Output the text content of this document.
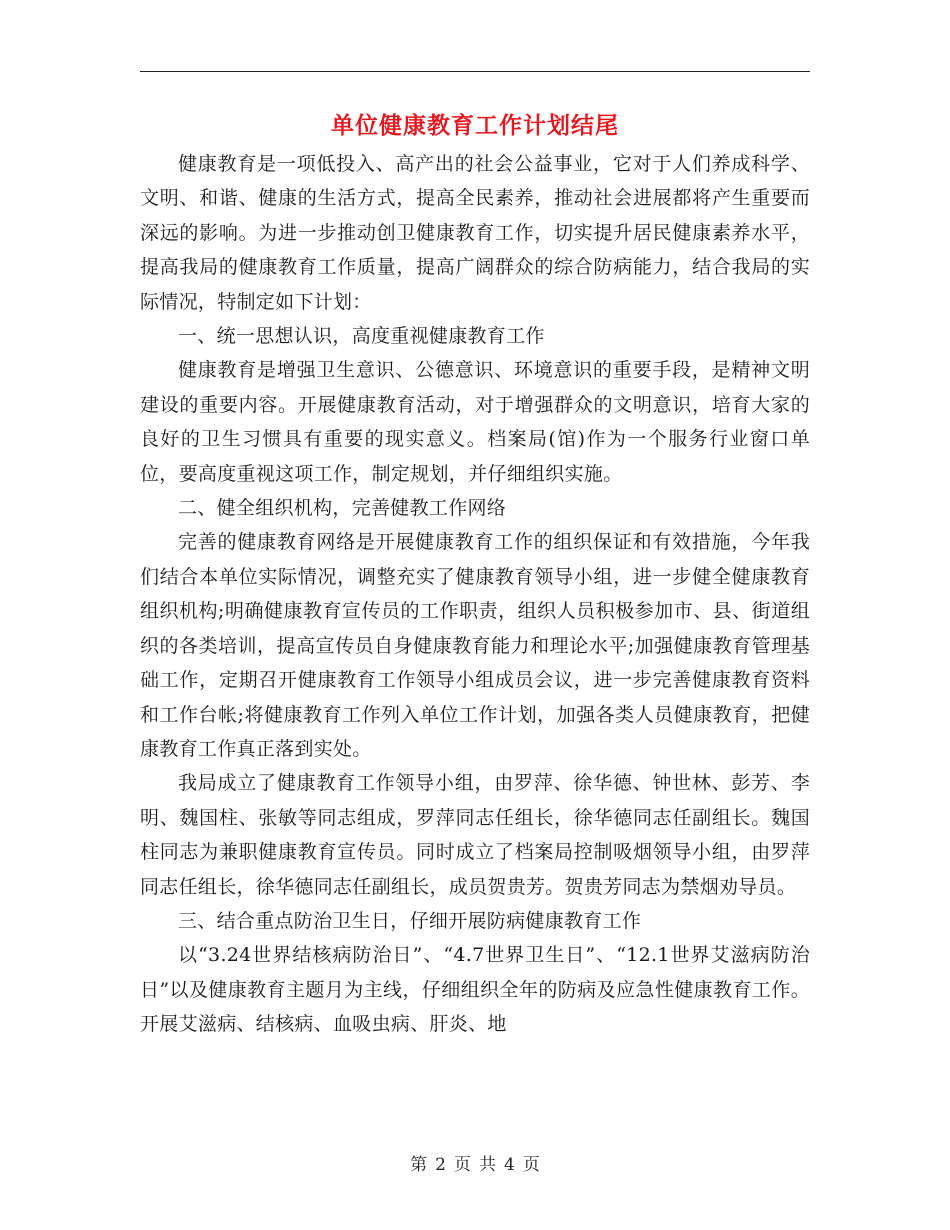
单位健康教育工作计划结尾

健康教育是一项低投入、高产出的社会公益事业，它对于人们养成科学、文明、和谐、健康的生活方式，提高全民素养，推动社会进展都将产生重要而深远的影响。为进一步推动创卫健康教育工作，切实提升居民健康素养水平，提高我局的健康教育工作质量，提高广阔群众的综合防病能力，结合我局的实际情况，特制定如下计划：

一、统一思想认识，高度重视健康教育工作

健康教育是增强卫生意识、公德意识、环境意识的重要手段，是精神文明建设的重要内容。开展健康教育活动，对于增强群众的文明意识，培育大家的良好的卫生习惯具有重要的现实意义。档案局(馆)作为一个服务行业窗口单位，要高度重视这项工作，制定规划，并仔细组织实施。

二、健全组织机构，完善健教工作网络

完善的健康教育网络是开展健康教育工作的组织保证和有效措施，今年我们结合本单位实际情况，调整充实了健康教育领导小组，进一步健全健康教育组织机构;明确健康教育宣传员的工作职责，组织人员积极参加市、县、街道组织的各类培训，提高宣传员自身健康教育能力和理论水平;加强健康教育管理基础工作，定期召开健康教育工作领导小组成员会议，进一步完善健康教育资料和工作台帐;将健康教育工作列入单位工作计划，加强各类人员健康教育，把健康教育工作真正落到实处。

我局成立了健康教育工作领导小组，由罗萍、徐华德、钟世林、彭芳、李明、魏国柱、张敏等同志组成，罗萍同志任组长，徐华德同志任副组长。魏国柱同志为兼职健康教育宣传员。同时成立了档案局控制吸烟领导小组，由罗萍同志任组长，徐华德同志任副组长，成员贺贵芳。贺贵芳同志为禁烟劝导员。

三、结合重点防治卫生日，仔细开展防病健康教育工作

以“3.24世界结核病防治日”、“4.7世界卫生日”、“12.1世界艾滋病防治日”以及健康教育主题月为主线，仔细组织全年的防病及应急性健康教育工作。开展艾滋病、结核病、血吸虫病、肝炎、地

第 2 页 共 4 页
